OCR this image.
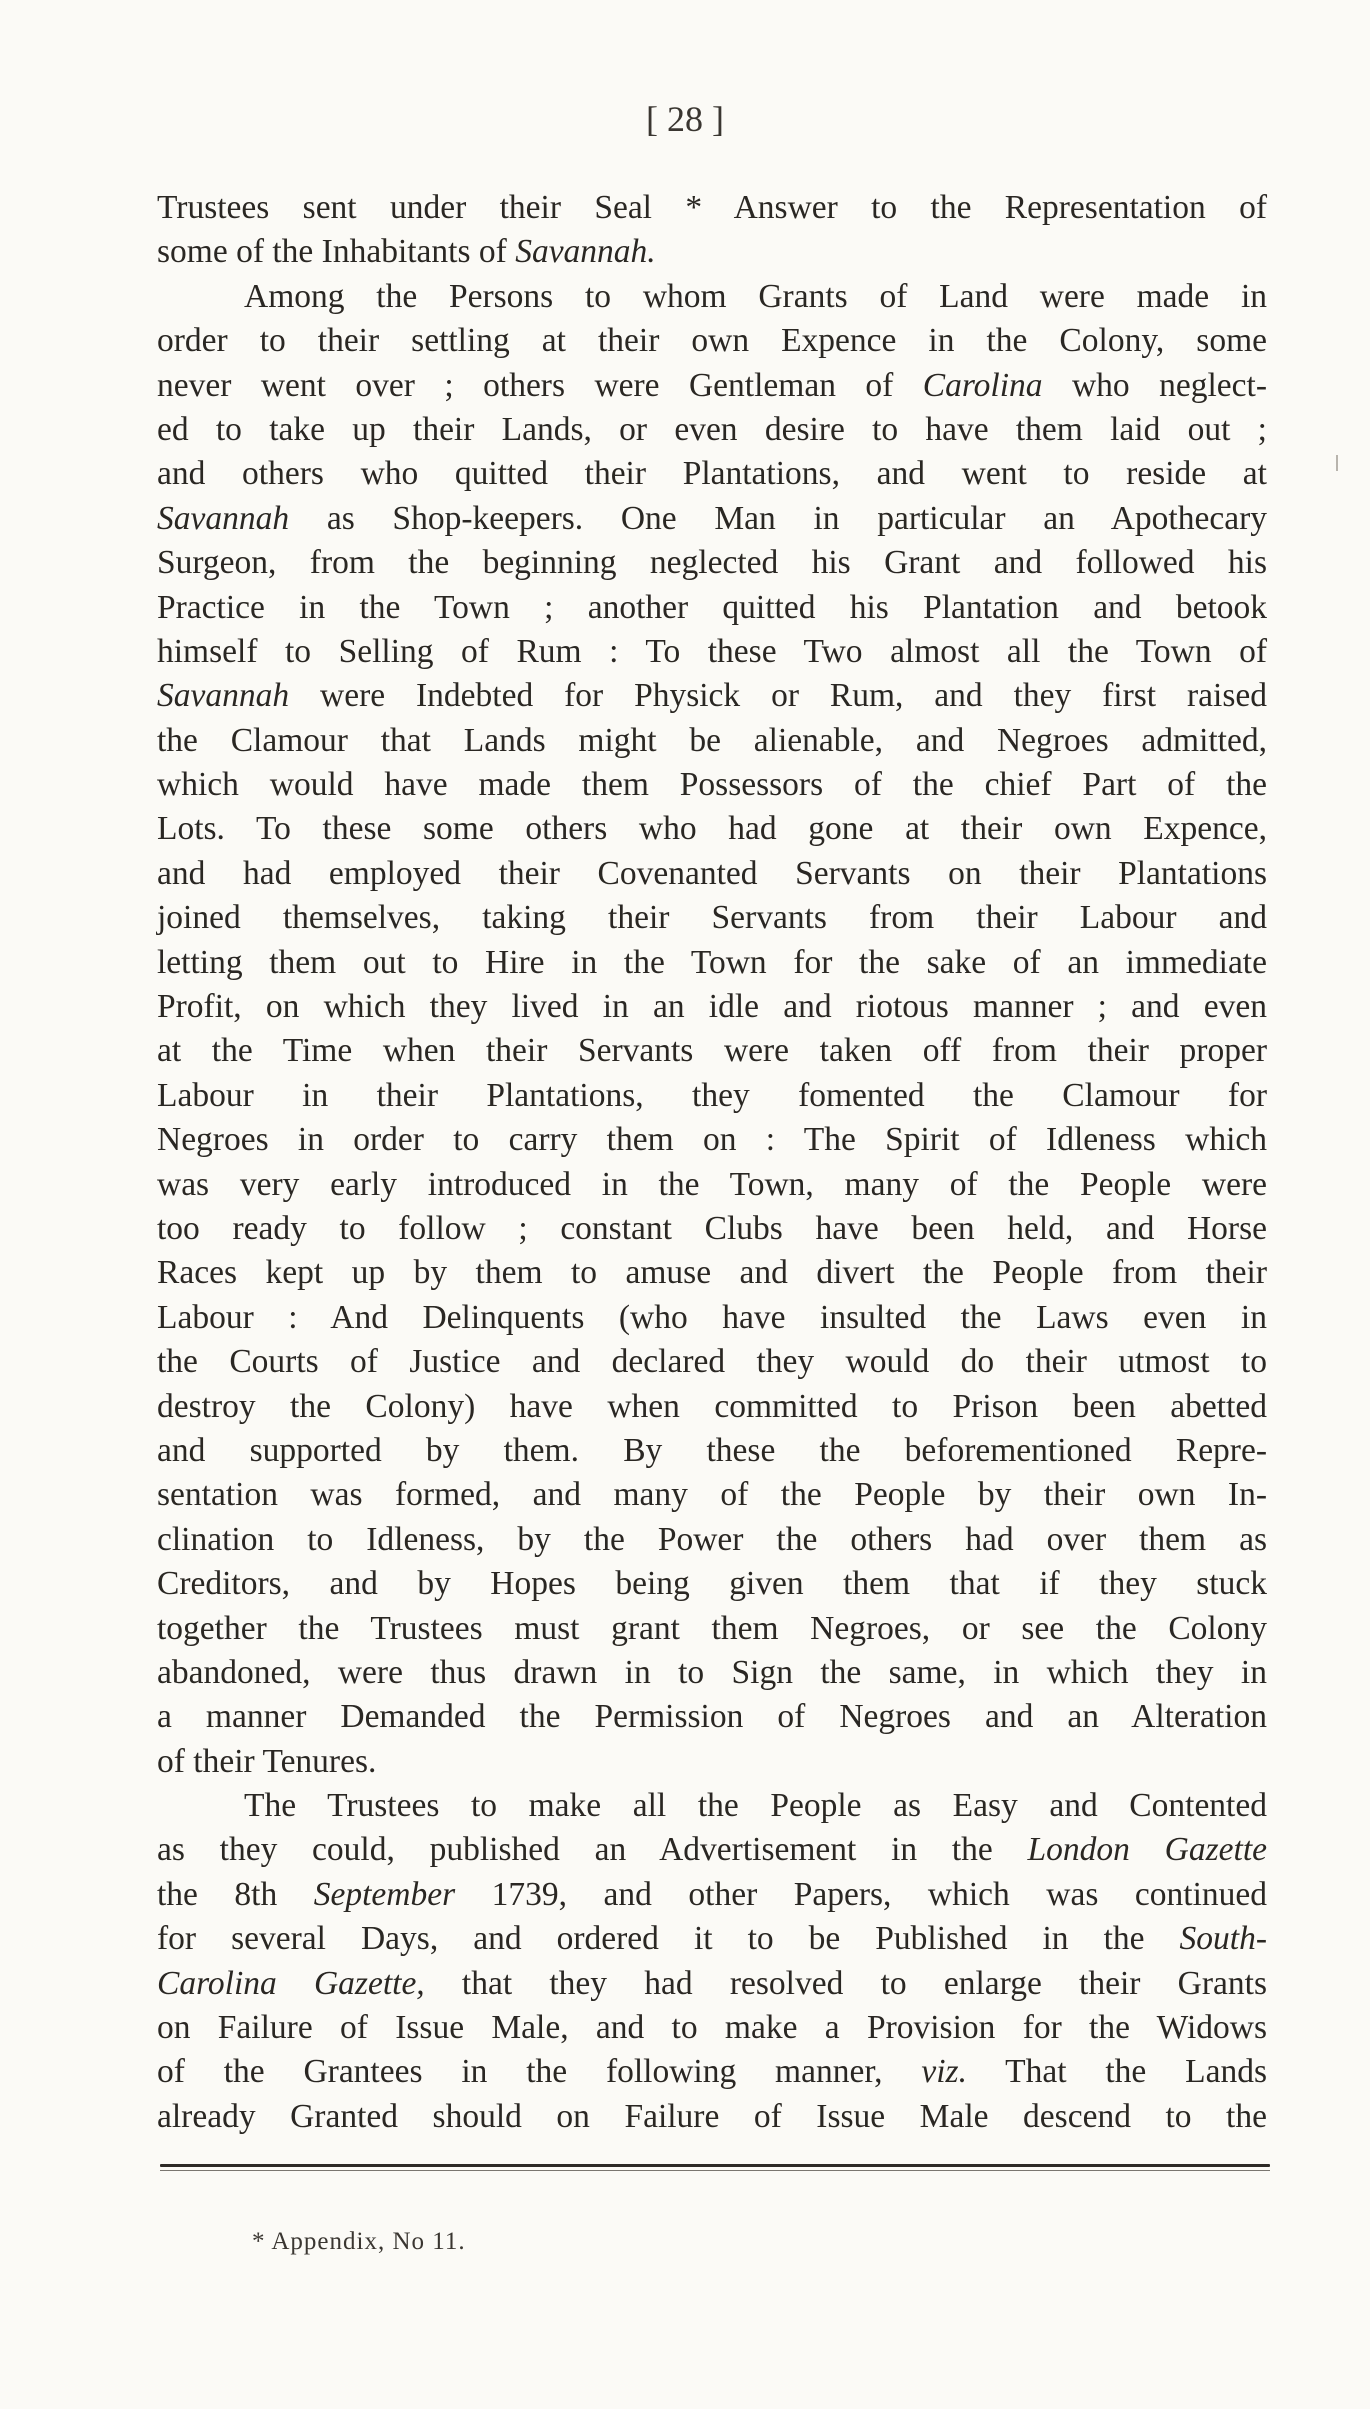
[ 28 ]
Trustees sent under their Seal * Answer to the Representation of
some of the Inhabitants of Savannah.
Among the Persons to whom Grants of Land were made in
order to their settling at their own Expence in the Colony, some
never went over ; others were Gentleman of Carolina who neglect-
ed to take up their Lands, or even desire to have them laid out ;
and others who quitted their Plantations, and went to reside at
Savannah as Shop-keepers. One Man in particular an Apothecary
Surgeon, from the beginning neglected his Grant and followed his
Practice in the Town ; another quitted his Plantation and betook
himself to Selling of Rum : To these Two almost all the Town of
Savannah were Indebted for Physick or Rum, and they first raised
the Clamour that Lands might be alienable, and Negroes admitted,
which would have made them Possessors of the chief Part of the
Lots. To these some others who had gone at their own Expence,
and had employed their Covenanted Servants on their Plantations
joined themselves, taking their Servants from their Labour and
letting them out to Hire in the Town for the sake of an immediate
Profit, on which they lived in an idle and riotous manner ; and even
at the Time when their Servants were taken off from their proper
Labour in their Plantations, they fomented the Clamour for
Negroes in order to carry them on : The Spirit of Idleness which
was very early introduced in the Town, many of the People were
too ready to follow ; constant Clubs have been held, and Horse
Races kept up by them to amuse and divert the People from their
Labour : And Delinquents (who have insulted the Laws even in
the Courts of Justice and declared they would do their utmost to
destroy the Colony) have when committed to Prison been abetted
and supported by them. By these the beforementioned Repre-
sentation was formed, and many of the People by their own In-
clination to Idleness, by the Power the others had over them as
Creditors, and by Hopes being given them that if they stuck
together the Trustees must grant them Negroes, or see the Colony
abandoned, were thus drawn in to Sign the same, in which they in
a manner Demanded the Permission of Negroes and an Alteration
of their Tenures.
The Trustees to make all the People as Easy and Contented
as they could, published an Advertisement in the London Gazette
the 8th September 1739, and other Papers, which was continued
for several Days, and ordered it to be Published in the South-
Carolina Gazette, that they had resolved to enlarge their Grants
on Failure of Issue Male, and to make a Provision for the Widows
of the Grantees in the following manner, viz. That the Lands
already Granted should on Failure of Issue Male descend to the
* Appendix, No 11.
